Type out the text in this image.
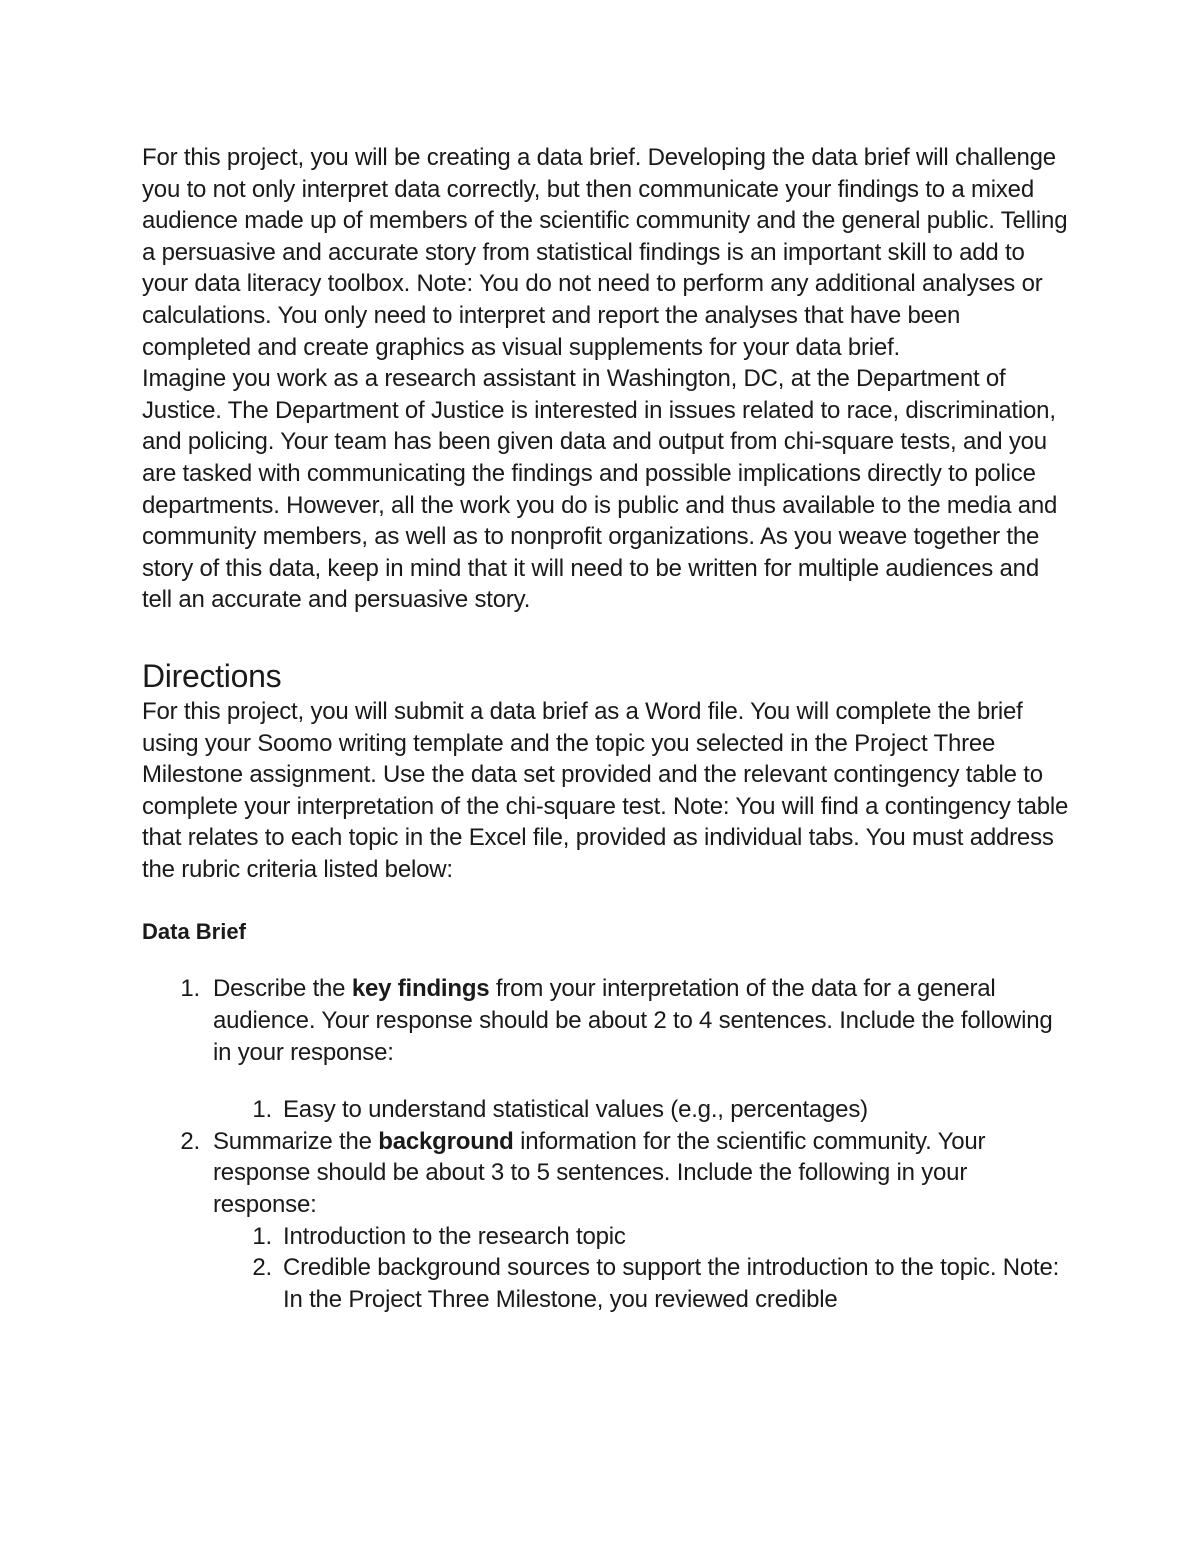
For this project, you will be creating a data brief. Developing the data brief will challenge you to not only interpret data correctly, but then communicate your findings to a mixed audience made up of members of the scientific community and the general public. Telling a persuasive and accurate story from statistical findings is an important skill to add to your data literacy toolbox. Note: You do not need to perform any additional analyses or calculations. You only need to interpret and report the analyses that have been completed and create graphics as visual supplements for your data brief.

Imagine you work as a research assistant in Washington, DC, at the Department of Justice. The Department of Justice is interested in issues related to race, discrimination, and policing. Your team has been given data and output from chi-square tests, and you are tasked with communicating the findings and possible implications directly to police departments. However, all the work you do is public and thus available to the media and community members, as well as to nonprofit organizations. As you weave together the story of this data, keep in mind that it will need to be written for multiple audiences and tell an accurate and persuasive story.

Directions

For this project, you will submit a data brief as a Word file. You will complete the brief using your Soomo writing template and the topic you selected in the Project Three Milestone assignment. Use the data set provided and the relevant contingency table to complete your interpretation of the chi-square test. Note: You will find a contingency table that relates to each topic in the Excel file, provided as individual tabs. You must address the rubric criteria listed below:

Data Brief
1. Describe the key findings from your interpretation of the data for a general audience. Your response should be about 2 to 4 sentences. Include the following in your response:
1. Easy to understand statistical values (e.g., percentages)
2. Summarize the background information for the scientific community. Your response should be about 3 to 5 sentences. Include the following in your response:
1. Introduction to the research topic
2. Credible background sources to support the introduction to the topic. Note: In the Project Three Milestone, you reviewed credible
